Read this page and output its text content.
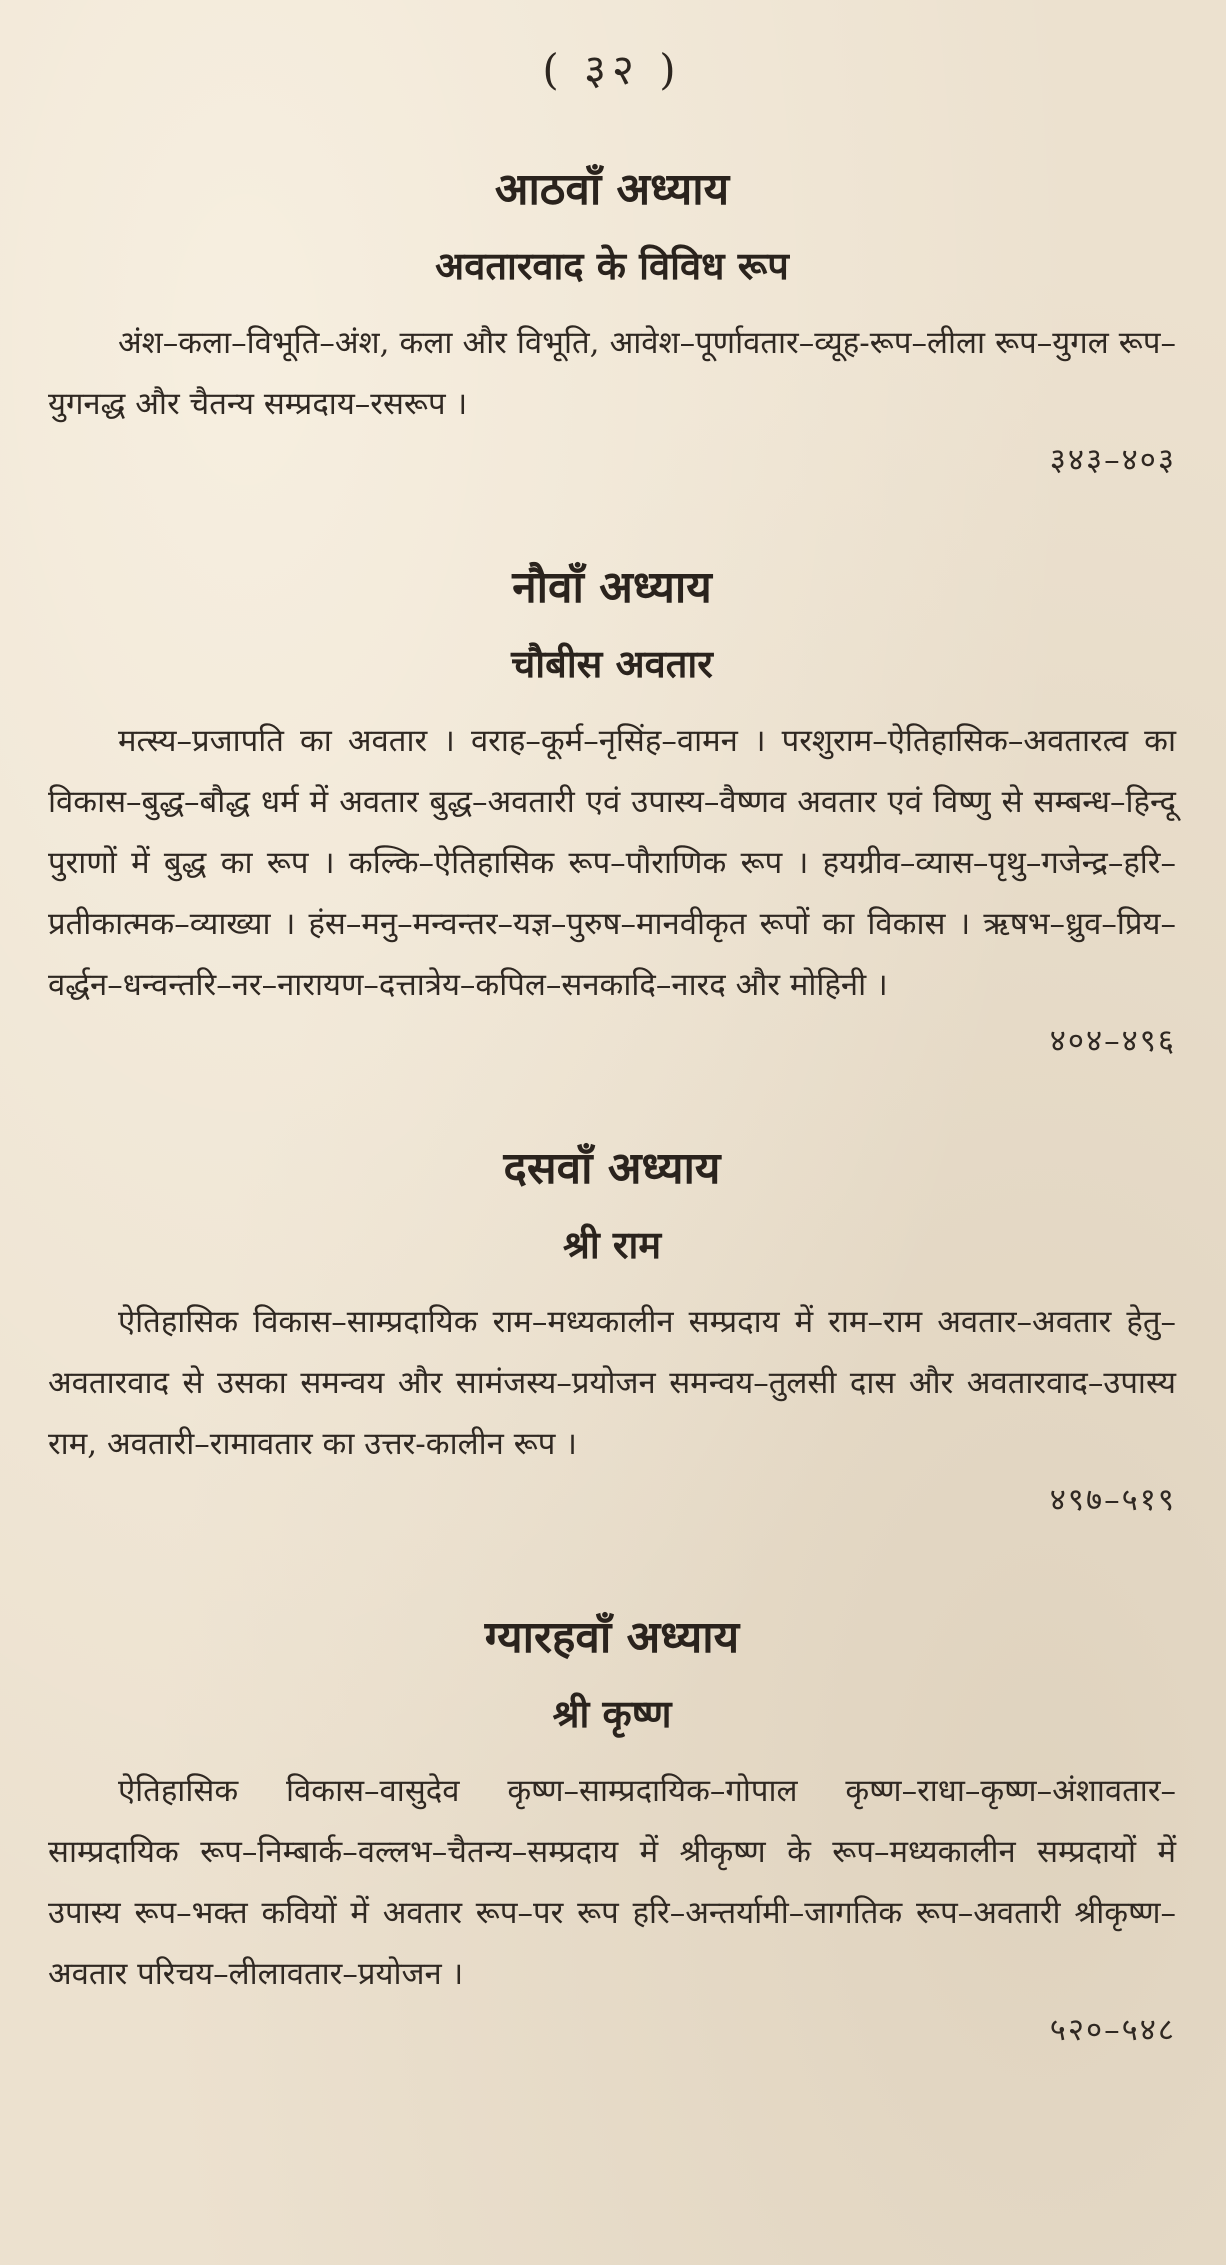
( ३२ )
आठवाँ अध्याय
अवतारवाद के विविध रूप

अंश–कला–विभूति–अंश, कला और विभूति, आवेश–पूर्णावतार–व्यूह-रूप–लीला रूप–युगल रूप–युगनद्ध और चैतन्य सम्प्रदाय–रसरूप ।

३४३–४०३

नौवाँ अध्याय
चौबीस अवतार

मत्स्य–प्रजापति का अवतार । वराह–कूर्म–नृसिंह–वामन । परशुराम–ऐतिहासिक–अवतारत्व का विकास–बुद्ध–बौद्ध धर्म में अवतार बुद्ध–अवतारी एवं उपास्य–वैष्णव अवतार एवं विष्णु से सम्बन्ध–हिन्दू पुराणों में बुद्ध का रूप । कल्कि–ऐतिहासिक रूप–पौराणिक रूप । हयग्रीव–व्यास–पृथु–गजेन्द्र–हरि–प्रतीकात्मक–व्याख्या । हंस–मनु–मन्वन्तर–यज्ञ–पुरुष–मानवीकृत रूपों का विकास । ऋषभ–ध्रुव–प्रिय–वर्द्धन–धन्वन्तरि–नर–नारायण–दत्तात्रेय–कपिल–सनकादि–नारद और मोहिनी ।

४०४–४९६

दसवाँ अध्याय
श्री राम

ऐतिहासिक विकास–साम्प्रदायिक राम–मध्यकालीन सम्प्रदाय में राम–राम अवतार–अवतार हेतु–अवतारवाद से उसका समन्वय और सामंजस्य–प्रयोजन समन्वय–तुलसी दास और अवतारवाद–उपास्य राम, अवतारी–रामावतार का उत्तर-कालीन रूप ।

४९७–५१९

ग्यारहवाँ अध्याय
श्री कृष्ण

ऐतिहासिक विकास–वासुदेव कृष्ण–साम्प्रदायिक–गोपाल कृष्ण–राधा–कृष्ण–अंशावतार–साम्प्रदायिक रूप–निम्बार्क–वल्लभ–चैतन्य–सम्प्रदाय में श्रीकृष्ण के रूप–मध्यकालीन सम्प्रदायों में उपास्य रूप–भक्त कवियों में अवतार रूप–पर रूप हरि–अन्तर्यामी–जागतिक रूप–अवतारी श्रीकृष्ण–अवतार परिचय–लीलावतार–प्रयोजन ।

५२०–५४८
